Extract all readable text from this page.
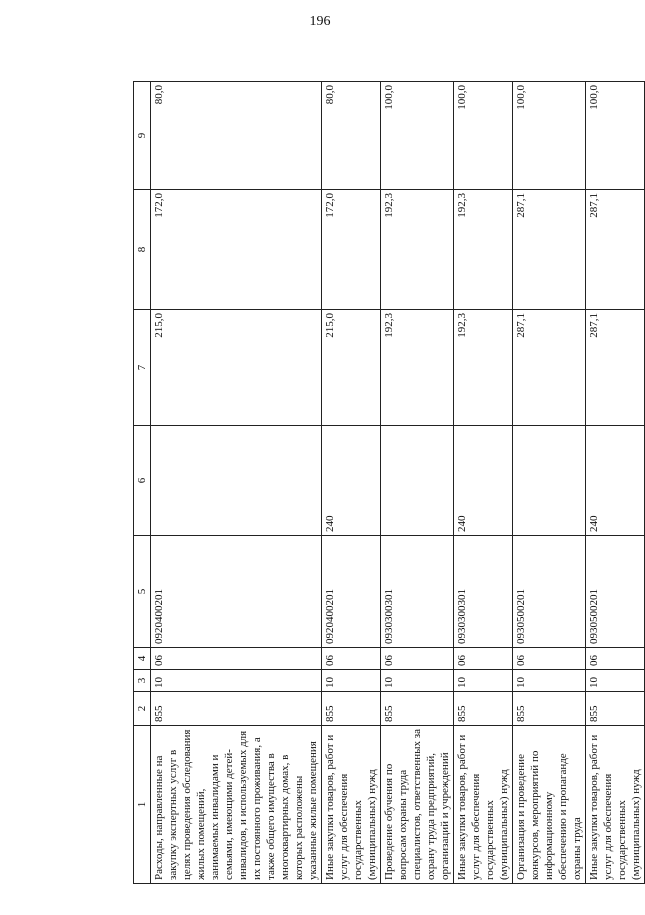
196
1	2	3	4	5	6	7	8	9
Расходы, направленные на закупку экспертных услуг в целях проведения обследования жилых помещений, занимаемых инвалидами и семьями, имеющими детей-инвалидов, и используемых для их постоянного проживания, а также общего имущества в многоквартирных домах, в которых расположены указанные жилые помещения	855	10	06	0920400201		215,0	172,0	80,0
Иные закупки товаров, работ и услуг для обеспечения государственных (муниципальных) нужд	855	10	06	0920400201	240	215,0	172,0	80,0
Проведение обучения по вопросам охраны труда специалистов, ответственных за охрану труда предприятий, организаций и учреждений	855	10	06	0930300301		192,3	192,3	100,0
Иные закупки товаров, работ и услуг для обеспечения государственных (муниципальных) нужд	855	10	06	0930300301	240	192,3	192,3	100,0
Организация и проведение конкурсов, мероприятий по информационному обеспечению и пропаганде охраны труда	855	10	06	0930500201		287,1	287,1	100,0
Иные закупки товаров, работ и услуг для обеспечения государственных (муниципальных) нужд	855	10	06	0930500201	240	287,1	287,1	100,0
